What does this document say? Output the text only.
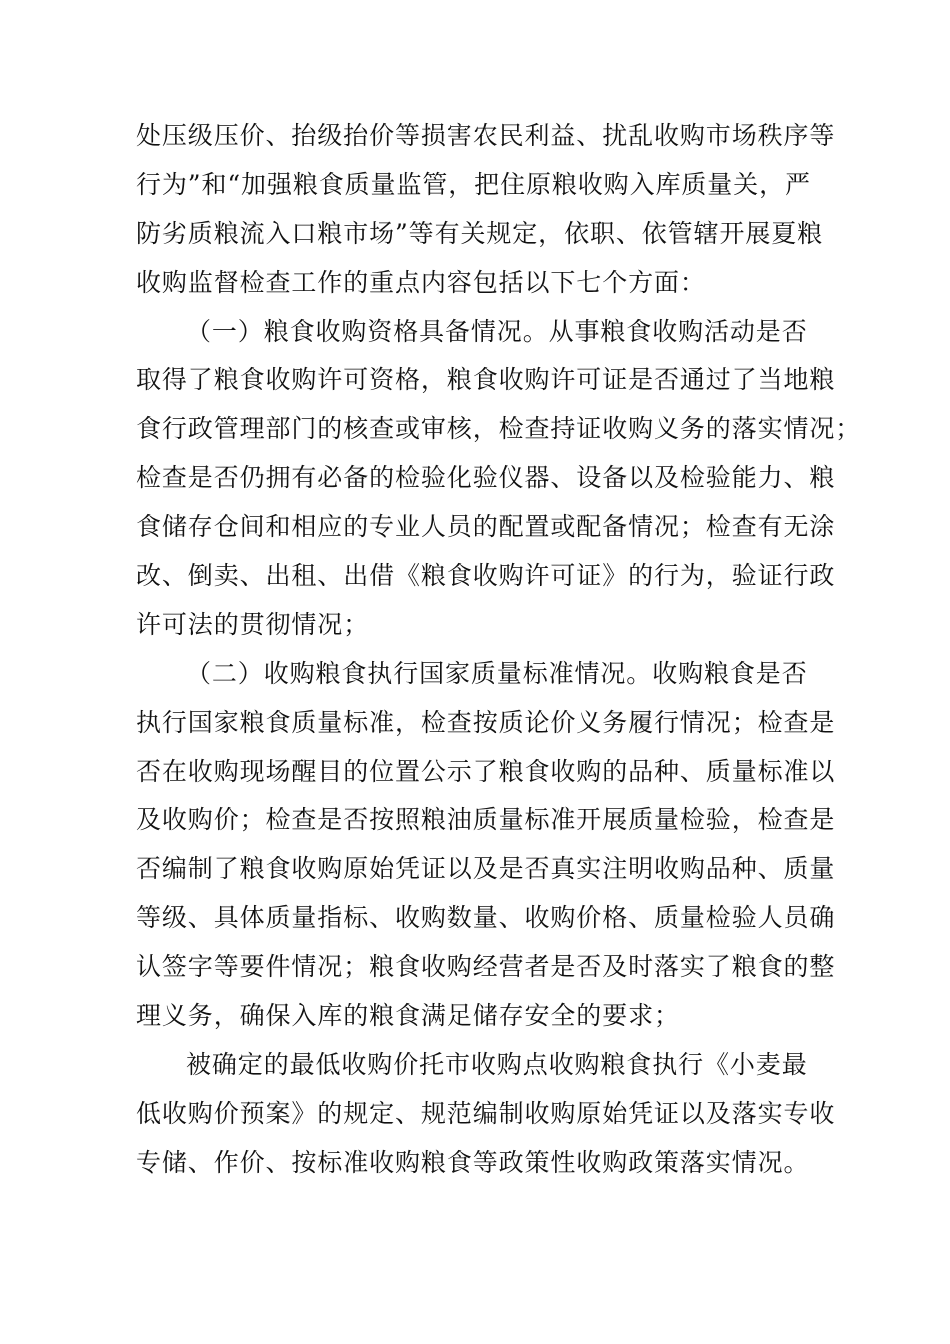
处压级压价、抬级抬价等损害农民利益、扰乱收购市场秩序等
行为”和“加强粮食质量监管，把住原粮收购入库质量关，严
防劣质粮流入口粮市场”等有关规定，依职、依管辖开展夏粮
收购监督检查工作的重点内容包括以下七个方面：
（一）粮食收购资格具备情况。从事粮食收购活动是否
取得了粮食收购许可资格，粮食收购许可证是否通过了当地粮
食行政管理部门的核查或审核，检查持证收购义务的落实情况；
检查是否仍拥有必备的检验化验仪器、设备以及检验能力、粮
食储存仓间和相应的专业人员的配置或配备情况；检查有无涂
改、倒卖、出租、出借《粮食收购许可证》的行为，验证行政
许可法的贯彻情况；
（二）收购粮食执行国家质量标准情况。收购粮食是否
执行国家粮食质量标准，检查按质论价义务履行情况；检查是
否在收购现场醒目的位置公示了粮食收购的品种、质量标准以
及收购价；检查是否按照粮油质量标准开展质量检验，检查是
否编制了粮食收购原始凭证以及是否真实注明收购品种、质量
等级、具体质量指标、收购数量、收购价格、质量检验人员确
认签字等要件情况；粮食收购经营者是否及时落实了粮食的整
理义务，确保入库的粮食满足储存安全的要求；
被确定的最低收购价托市收购点收购粮食执行《小麦最
低收购价预案》的规定、规范编制收购原始凭证以及落实专收
专储、作价、按标准收购粮食等政策性收购政策落实情况。
